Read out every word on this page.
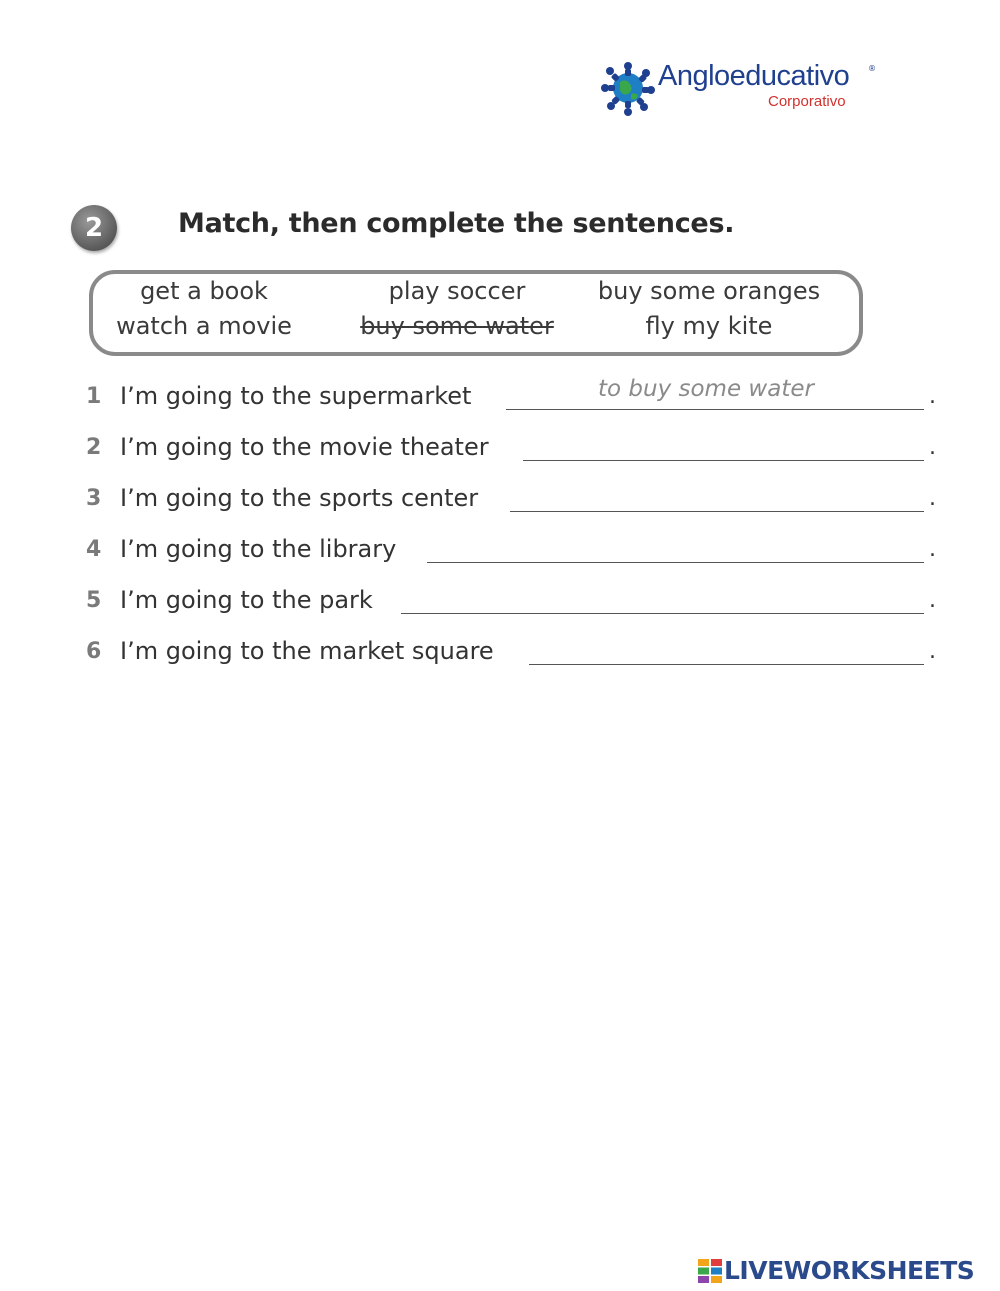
Angloeducativo ®
Corporativo
2	Match, then complete the sentences.
get a book	play soccer	buy some oranges
watch a movie	buy some water	fly my kite
1 I’m going to the supermarket	to buy some water	.
2 I’m going to the movie theater	.
3 I’m going to the sports center	.
4 I’m going to the library	.
5 I’m going to the park	.
6 I’m going to the market square	.
LIVEWORKSHEETS
